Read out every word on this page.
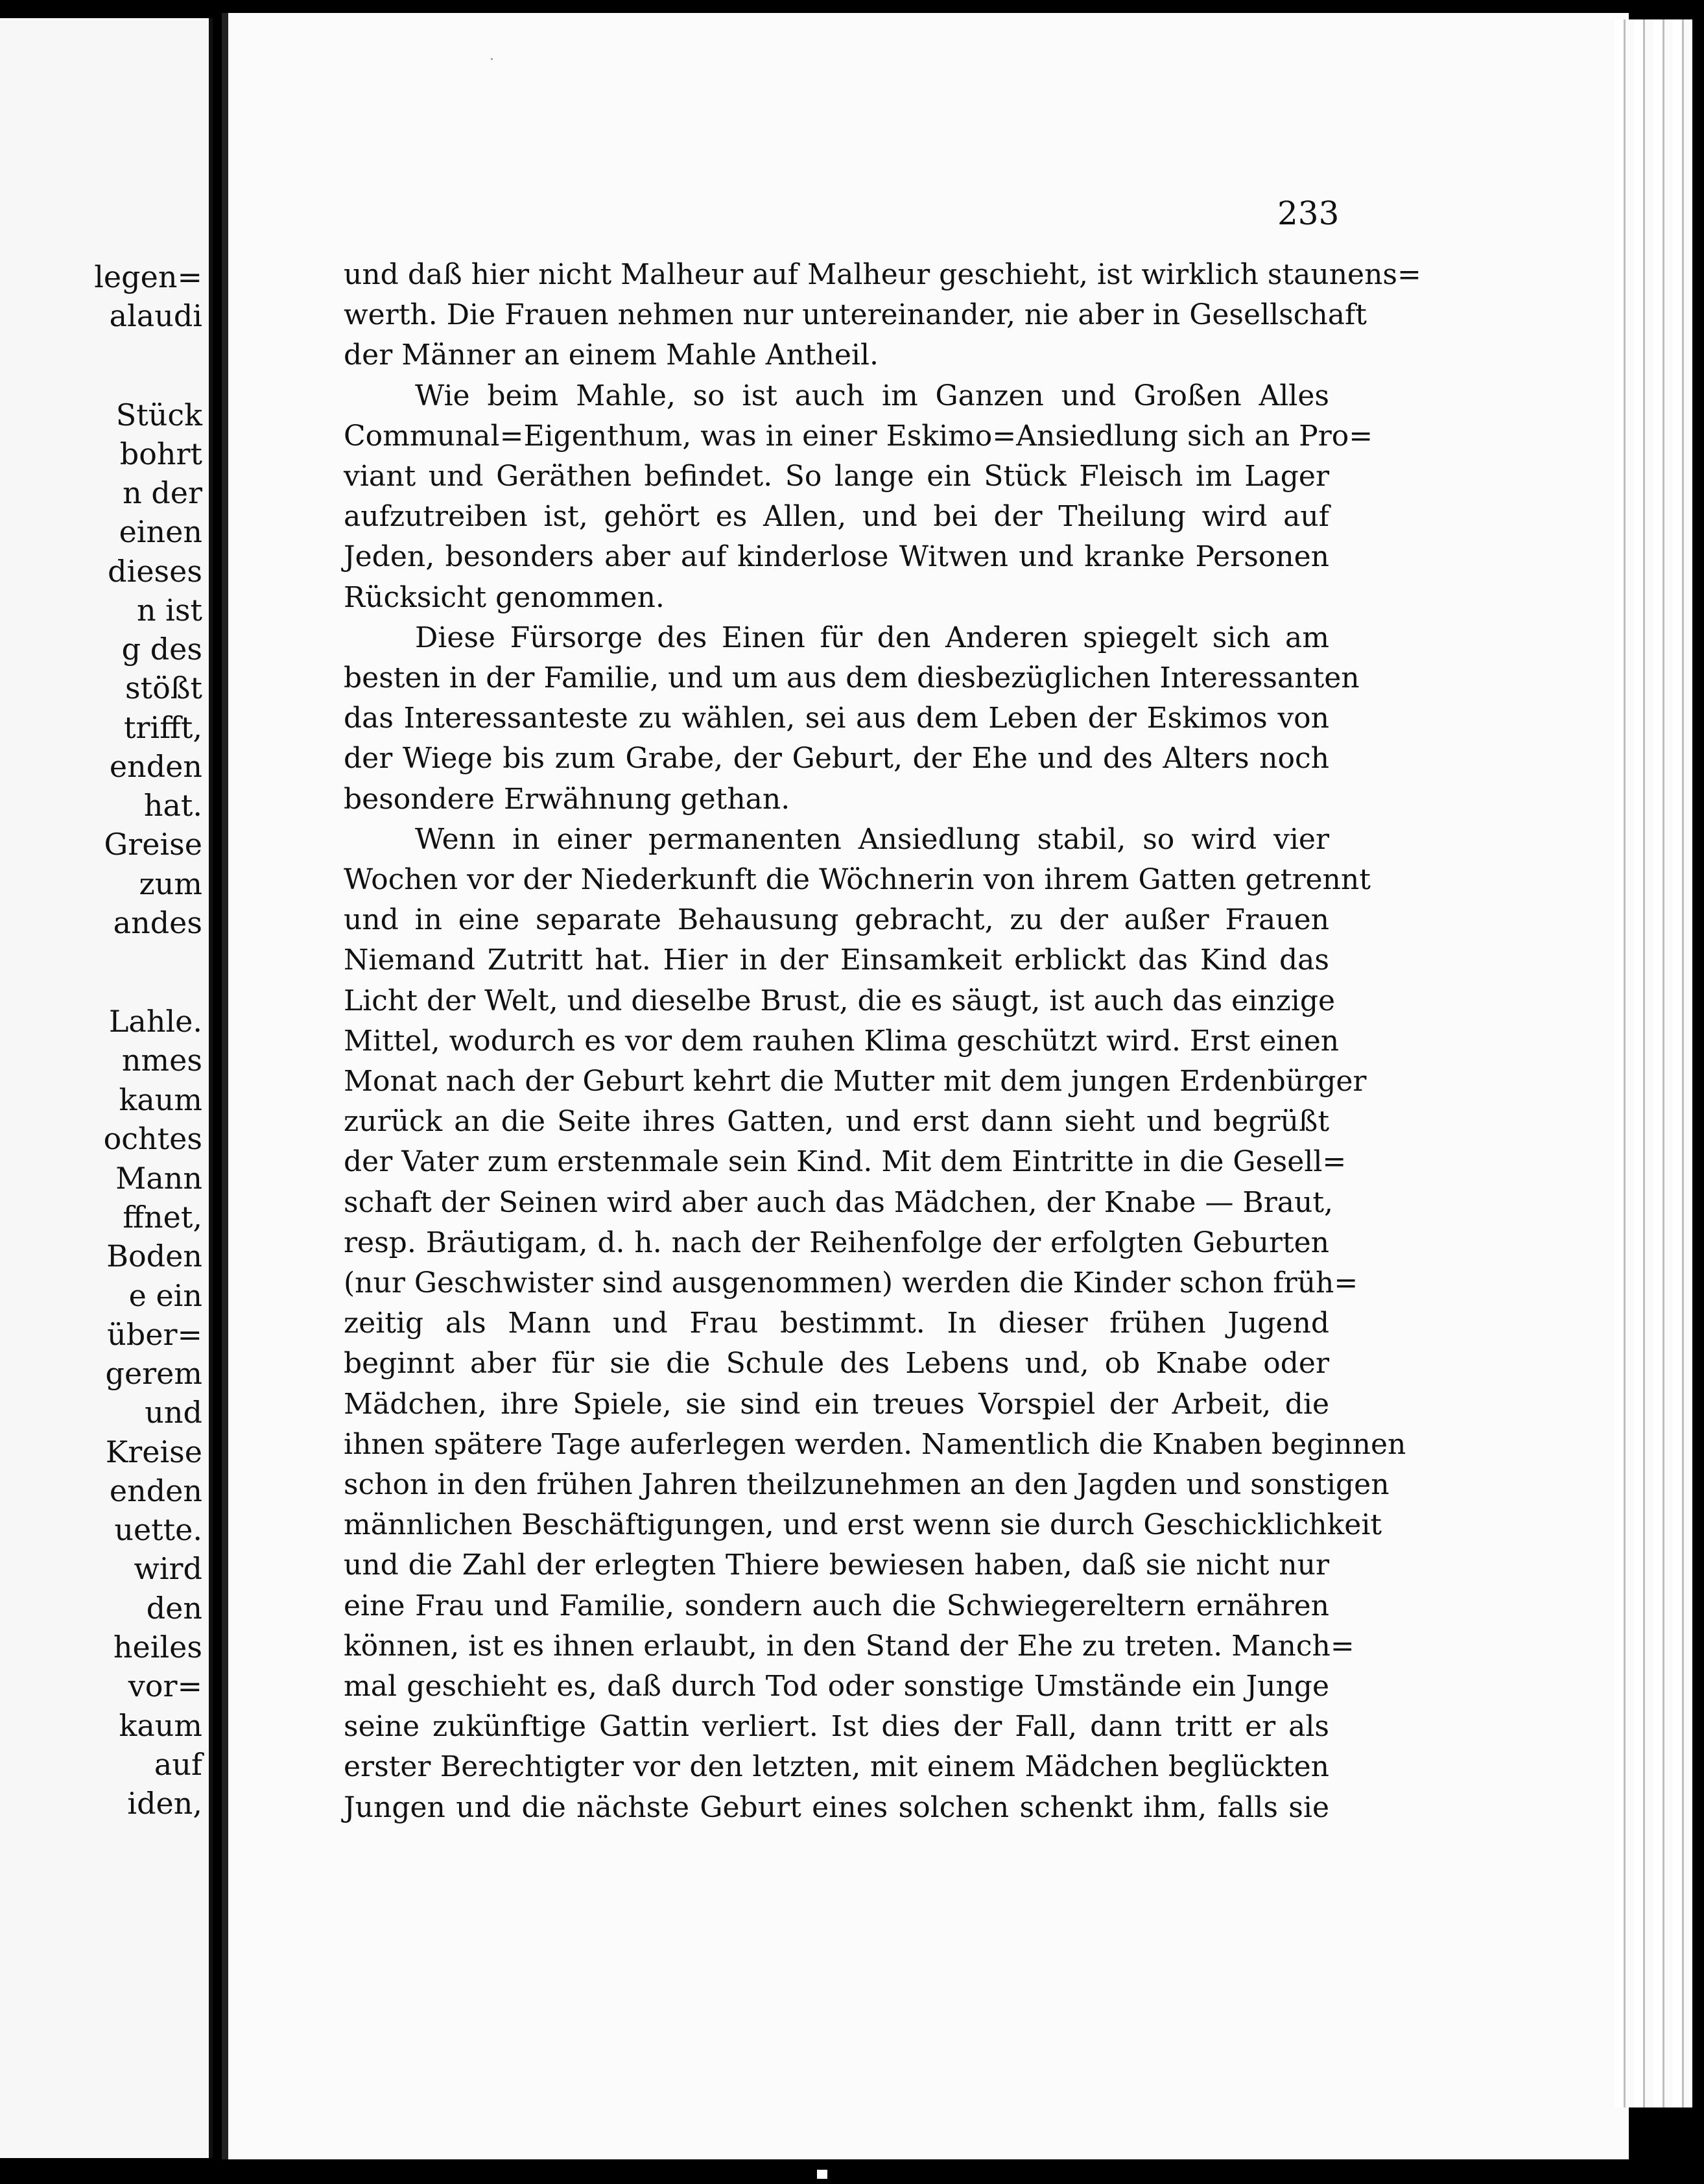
legen=
alaudi
Stück
bohrt
n der
einen
dieses
n ist
g des
stößt
trifft,
enden
hat.
Greise
zum
andes
Lahle.
nmes
kaum
ochtes
Mann
ffnet,
Boden
e ein
über=
gerem
und
Kreise
enden
uette.
wird
den
heiles
vor=
kaum
auf
iden,
·
233
und daß hier nicht Malheur auf Malheur geschieht, ist wirklich staunens=
werth. Die Frauen nehmen nur untereinander, nie aber in Gesellschaft
der Männer an einem Mahle Antheil.
Wie beim Mahle, so ist auch im Ganzen und Großen Alles
Communal=Eigenthum, was in einer Eskimo=Ansiedlung sich an Pro=
viant und Geräthen befindet. So lange ein Stück Fleisch im Lager
aufzutreiben ist, gehört es Allen, und bei der Theilung wird auf
Jeden, besonders aber auf kinderlose Witwen und kranke Personen
Rücksicht genommen.
Diese Fürsorge des Einen für den Anderen spiegelt sich am
besten in der Familie, und um aus dem diesbezüglichen Interessanten
das Interessanteste zu wählen, sei aus dem Leben der Eskimos von
der Wiege bis zum Grabe, der Geburt, der Ehe und des Alters noch
besondere Erwähnung gethan.
Wenn in einer permanenten Ansiedlung stabil, so wird vier
Wochen vor der Niederkunft die Wöchnerin von ihrem Gatten getrennt
und in eine separate Behausung gebracht, zu der außer Frauen
Niemand Zutritt hat. Hier in der Einsamkeit erblickt das Kind das
Licht der Welt, und dieselbe Brust, die es säugt, ist auch das einzige
Mittel, wodurch es vor dem rauhen Klima geschützt wird. Erst einen
Monat nach der Geburt kehrt die Mutter mit dem jungen Erdenbürger
zurück an die Seite ihres Gatten, und erst dann sieht und begrüßt
der Vater zum erstenmale sein Kind. Mit dem Eintritte in die Gesell=
schaft der Seinen wird aber auch das Mädchen, der Knabe — Braut,
resp. Bräutigam, d. h. nach der Reihenfolge der erfolgten Geburten
(nur Geschwister sind ausgenommen) werden die Kinder schon früh=
zeitig als Mann und Frau bestimmt. In dieser frühen Jugend
beginnt aber für sie die Schule des Lebens und, ob Knabe oder
Mädchen, ihre Spiele, sie sind ein treues Vorspiel der Arbeit, die
ihnen spätere Tage auferlegen werden. Namentlich die Knaben beginnen
schon in den frühen Jahren theilzunehmen an den Jagden und sonstigen
männlichen Beschäftigungen, und erst wenn sie durch Geschicklichkeit
und die Zahl der erlegten Thiere bewiesen haben, daß sie nicht nur
eine Frau und Familie, sondern auch die Schwiegereltern ernähren
können, ist es ihnen erlaubt, in den Stand der Ehe zu treten. Manch=
mal geschieht es, daß durch Tod oder sonstige Umstände ein Junge
seine zukünftige Gattin verliert. Ist dies der Fall, dann tritt er als
erster Berechtigter vor den letzten, mit einem Mädchen beglückten
Jungen und die nächste Geburt eines solchen schenkt ihm, falls sie
